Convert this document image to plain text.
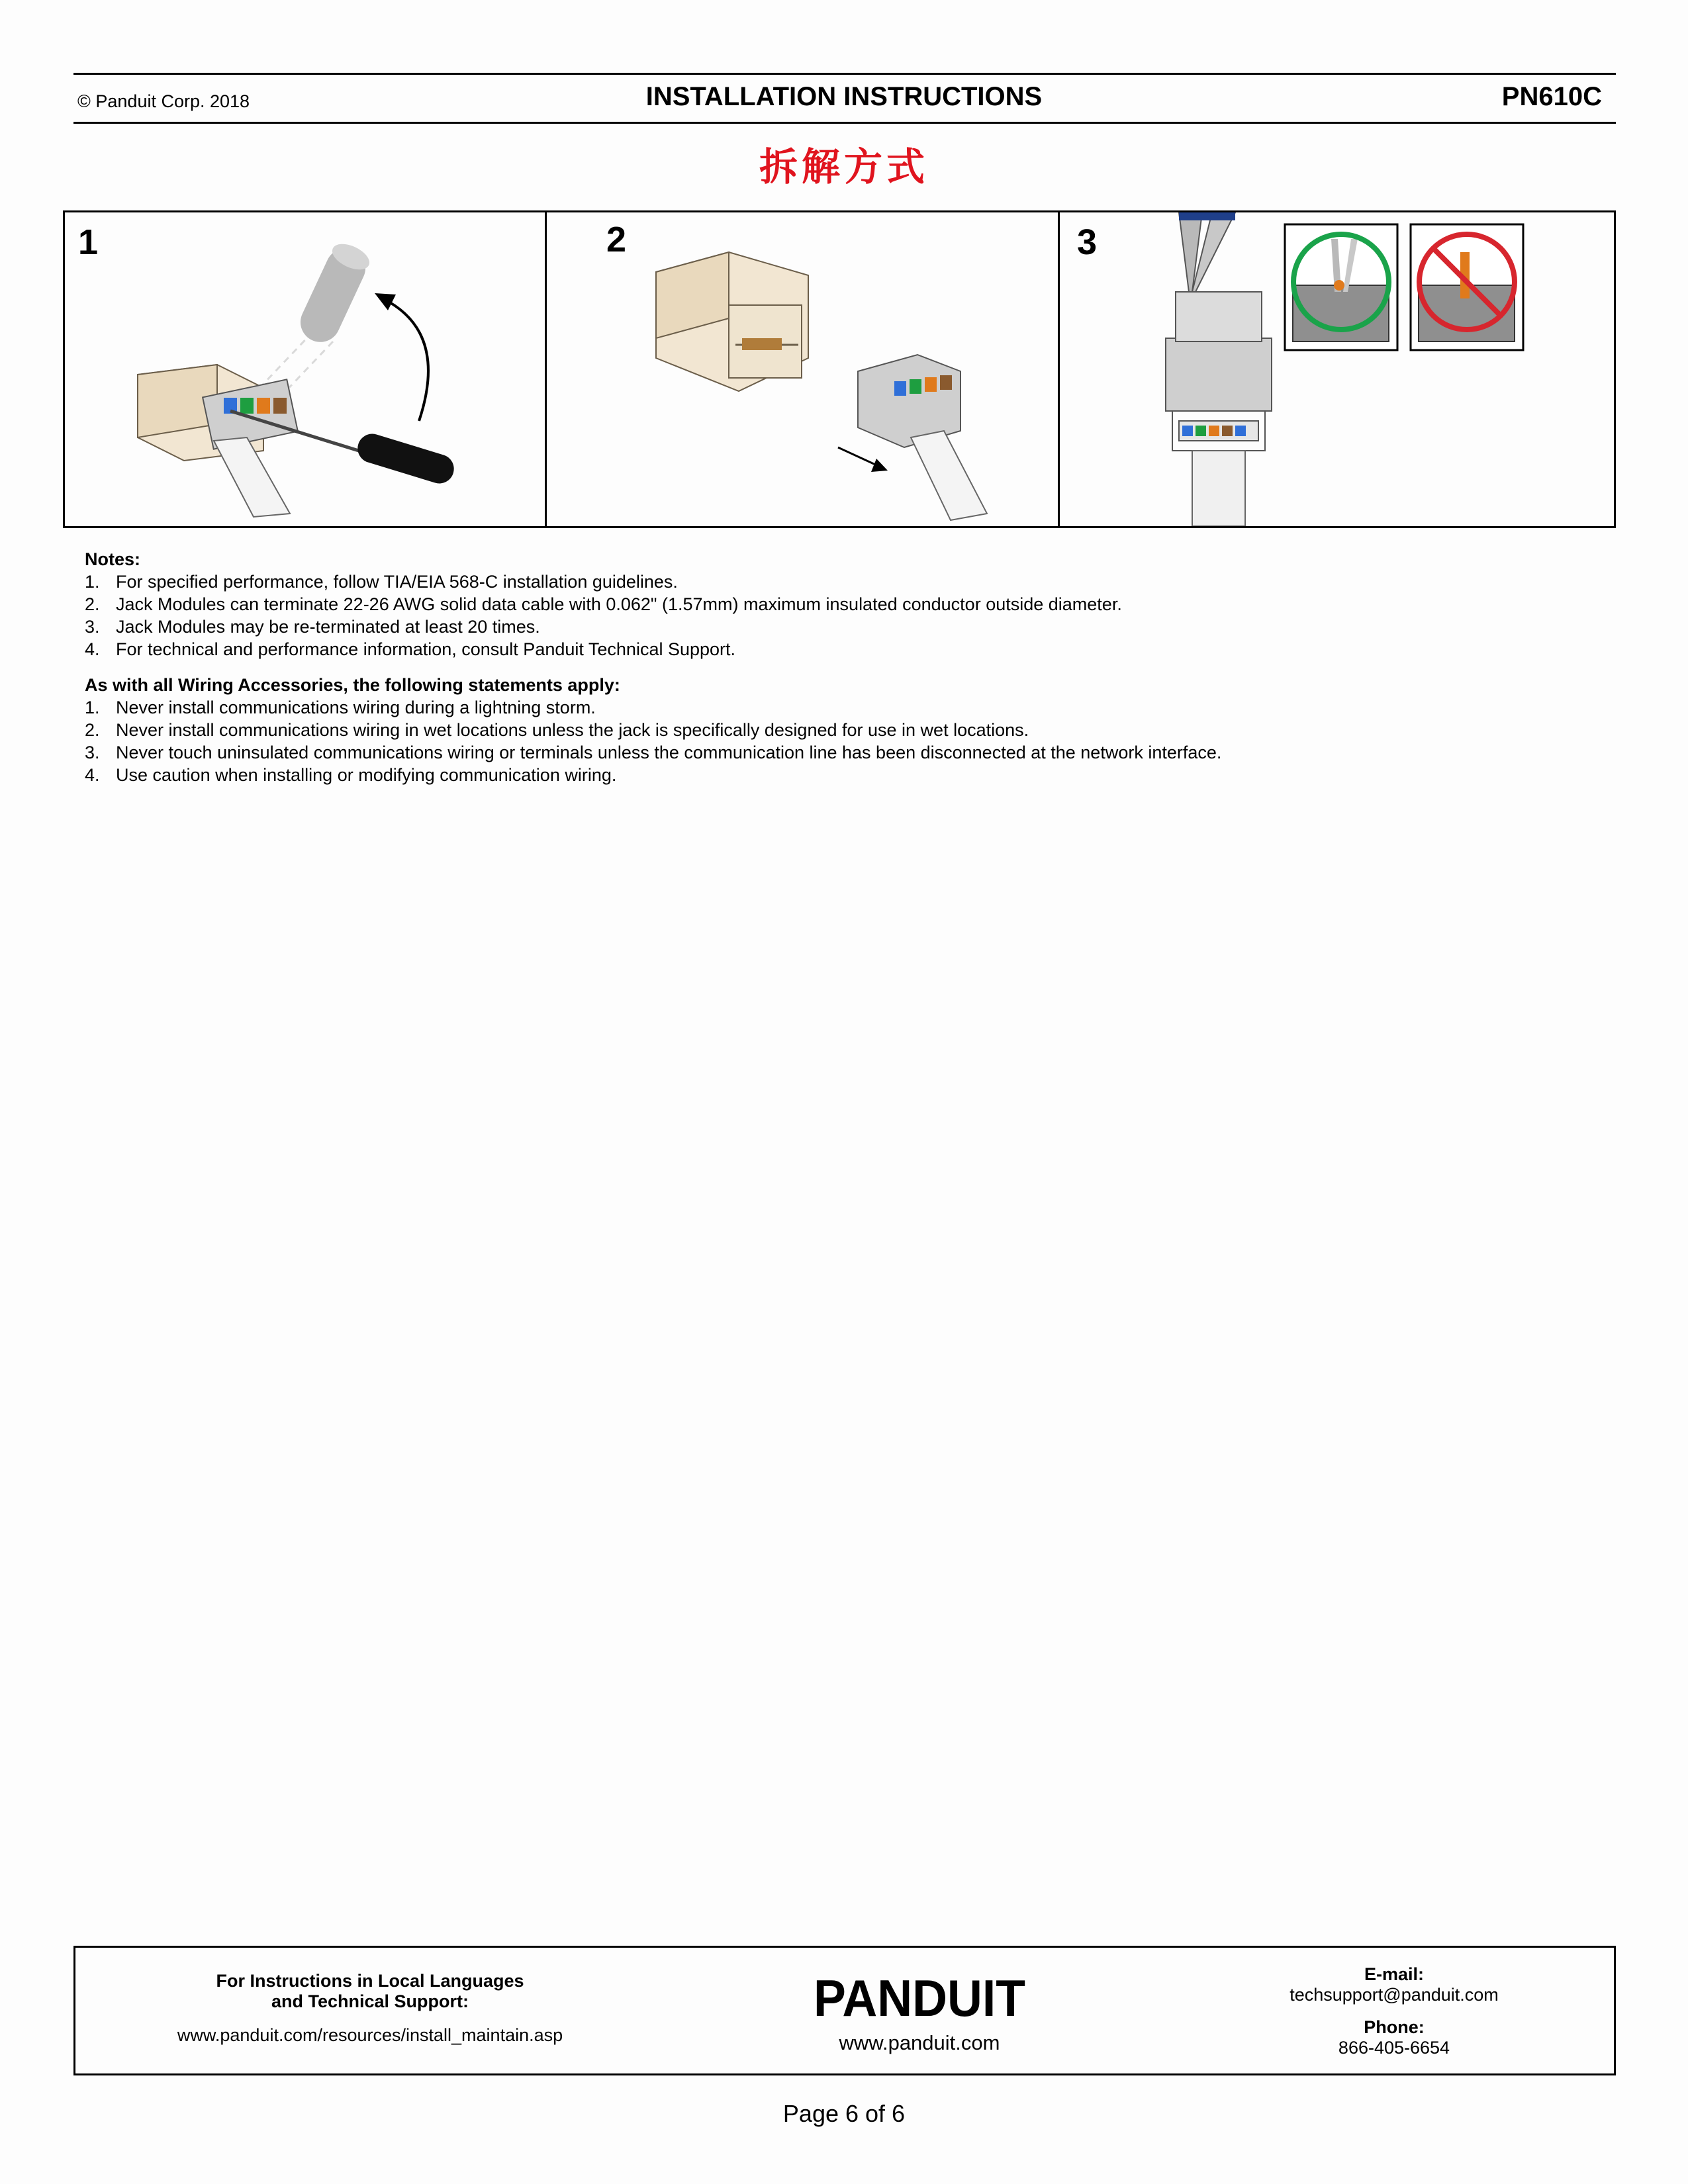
© Panduit Corp. 2018	INSTALLATION INSTRUCTIONS	PN610C
拆解方式
1	2	3
Notes:
1. For specified performance, follow TIA/EIA 568-C installation guidelines.
2. Jack Modules can terminate 22-26 AWG solid data cable with 0.062" (1.57mm) maximum insulated conductor outside diameter.
3. Jack Modules may be re-terminated at least 20 times.
4. For technical and performance information, consult Panduit Technical Support.
As with all Wiring Accessories, the following statements apply:
1. Never install communications wiring during a lightning storm.
2. Never install communications wiring in wet locations unless the jack is specifically designed for use in wet locations.
3. Never touch uninsulated communications wiring or terminals unless the communication line has been disconnected at the network interface.
4. Use caution when installing or modifying communication wiring.
For Instructions in Local Languages
and Technical Support:
www.panduit.com/resources/install_maintain.asp
PANDUIT
www.panduit.com
E-mail:
techsupport@panduit.com
Phone:
866-405-6654
Page 6 of 6
